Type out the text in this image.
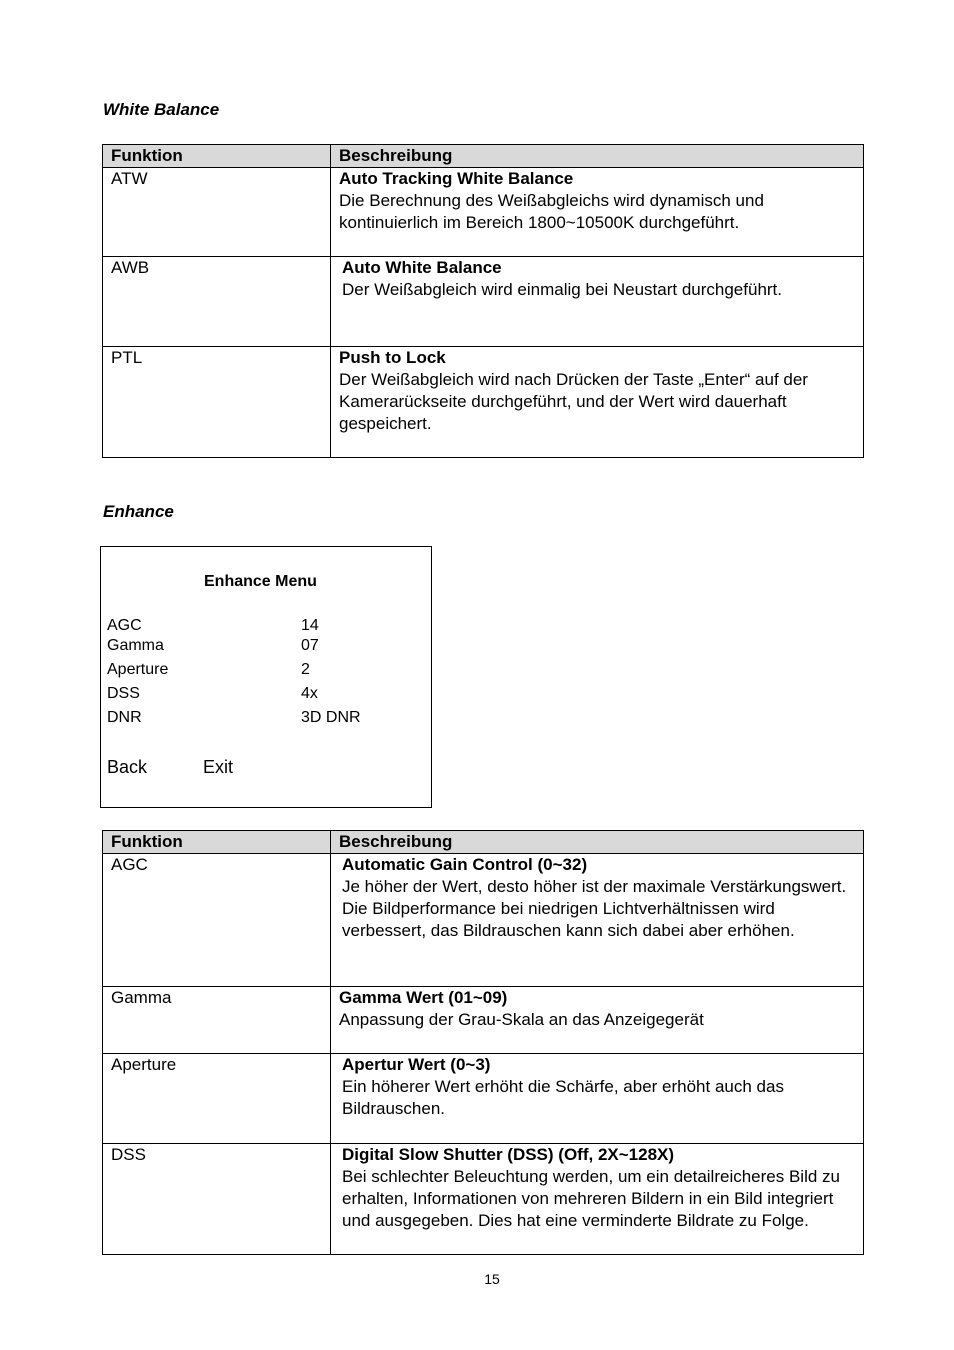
White Balance
Funktion	Beschreibung
ATW	Auto Tracking White Balance
Die Berechnung des Weißabgleichs wird dynamisch und kontinuierlich im Bereich 1800~10500K durchgeführt.

AWB	Auto White Balance
Der Weißabgleich wird einmalig bei Neustart durchgeführt.

PTL	Push to Lock
Der Weißabgleich wird nach Drücken der Taste „Enter“ auf der Kamerarückseite durchgeführt, und der Wert wird dauerhaft gespeichert.
Enhance
Enhance Menu
AGC	14
Gamma	07
Aperture	2
DSS	4x
DNR	3D DNR
Back	Exit
Funktion	Beschreibung
AGC	Automatic Gain Control (0~32)
Je höher der Wert, desto höher ist der maximale Verstärkungswert. Die Bildperformance bei niedrigen Lichtverhältnissen wird verbessert, das Bildrauschen kann sich dabei aber erhöhen.

Gamma	Gamma Wert (01~09)
Anpassung der Grau-Skala an das Anzeigegerät

Aperture	Apertur Wert (0~3)
Ein höherer Wert erhöht die Schärfe, aber erhöht auch das Bildrauschen.

DSS	Digital Slow Shutter (DSS) (Off, 2X~128X)
Bei schlechter Beleuchtung werden, um ein detailreicheres Bild zu erhalten, Informationen von mehreren Bildern in ein Bild integriert und ausgegeben. Dies hat eine verminderte Bildrate zu Folge.
15
